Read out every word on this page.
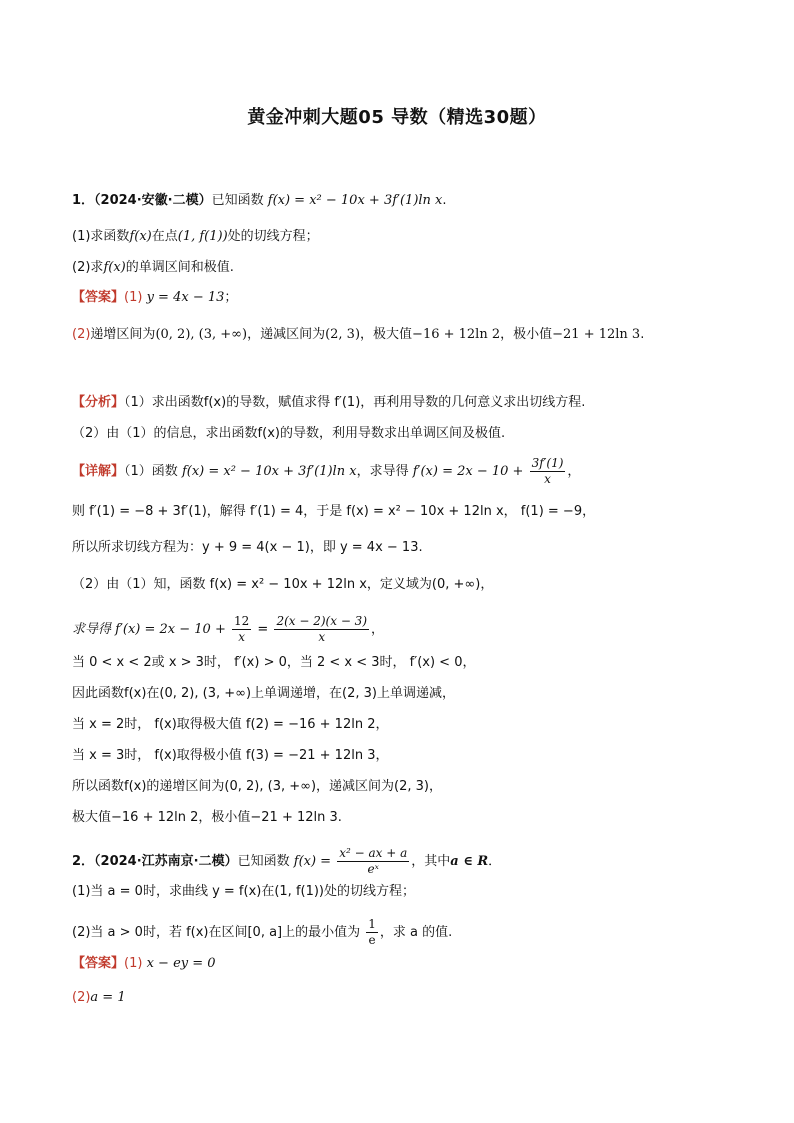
黄金冲刺大题05 导数（精选30题）
1．（2024·安徽·二模）已知函数 f(x) = x² − 10x + 3f′(1)ln x.
(1)求函数f(x)在点(1, f(1))处的切线方程；
(2)求f(x)的单调区间和极值.
【答案】(1) y = 4x − 13；
(2)递增区间为(0, 2), (3, +∞)，递减区间为(2, 3)，极大值−16 + 12ln 2，极小值−21 + 12ln 3.
【分析】（1）求出函数f(x)的导数，赋值求得 f′(1)，再利用导数的几何意义求出切线方程.
（2）由（1）的信息，求出函数f(x)的导数，利用导数求出单调区间及极值.
【详解】（1）函数 f(x) = x² − 10x + 3f′(1)ln x，求导得 $f'(x) = 2x - 10 + \frac{3f'(1)}{x}$ ，
则 f′(1) = −8 + 3f′(1)，解得 f′(1) = 4，于是 f(x) = x² − 10x + 12ln x， f(1) = −9，
所以所求切线方程为：y + 9 = 4(x − 1)，即 y = 4x − 13.
（2）由（1）知，函数 f(x) = x² − 10x + 12ln x，定义域为(0, +∞)，
求导得 $f'(x) = 2x - 10 + \frac{12}{x} = \frac{2(x - 2)(x - 3)}{x}$ ，
当 0 < x < 2或 x > 3时， f′(x) > 0，当 2 < x < 3时， f′(x) < 0，
因此函数f(x)在(0, 2), (3, +∞)上单调递增，在(2, 3)上单调递减，
当 x = 2时， f(x)取得极大值 f(2) = −16 + 12ln 2，
当 x = 3时， f(x)取得极小值 f(3) = −21 + 12ln 3，
所以函数f(x)的递增区间为(0, 2), (3, +∞)，递减区间为(2, 3)，
极大值−16 + 12ln 2，极小值−21 + 12ln 3.
2．（2024·江苏南京·二模）已知函数 $f(x) = \frac{\text{x² − ax + a}}{\text{eˣ}}$ ，其中a ∈ R．
(1)当 a = 0时，求曲线 y = f(x)在(1, f(1))处的切线方程；
(2)当 a > 0时，若 f(x)在区间[0, a]上的最小值为 $\frac{1}{e}$ ，求 a 的值.
【答案】(1) x − ey = 0
(2)a = 1
